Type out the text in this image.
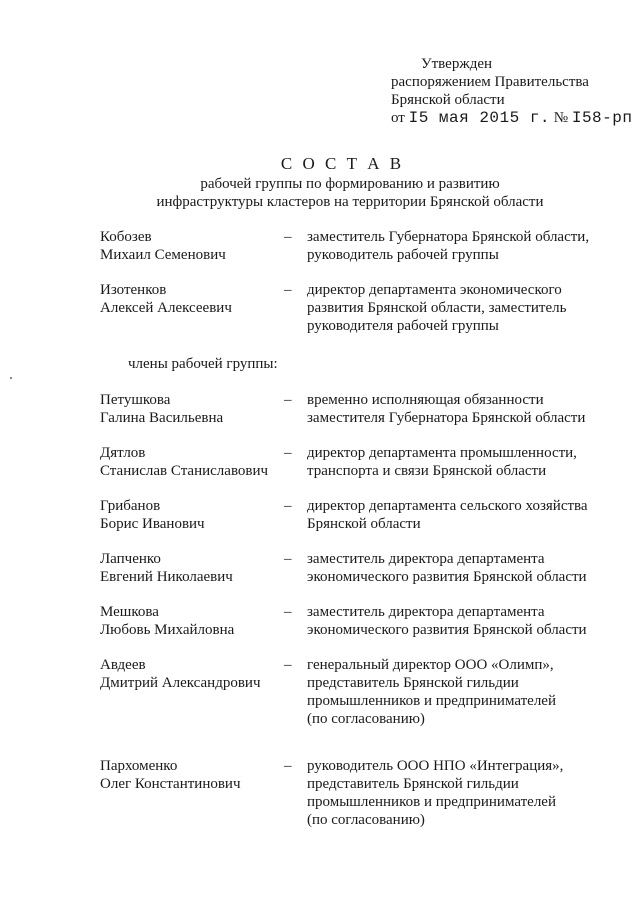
Утвержден
распоряжением Правительства
Брянской области
от I5 мая 2015 г. № I58-рп
С О С Т А В
рабочей группы по формированию и развитию
инфраструктуры кластеров на территории Брянской области
Кобозев
Михаил Семенович
–	заместитель Губернатора Брянской области,
руководитель рабочей группы
Изотенков
Алексей Алексеевич
–	директор департамента экономического
развития Брянской области, заместитель
руководителя рабочей группы
члены рабочей группы:
Петушкова
Галина Васильевна
–	временно исполняющая обязанности
заместителя Губернатора Брянской области
Дятлов
Станислав Станиславович
–	директор департамента промышленности,
транспорта и связи Брянской области
Грибанов
Борис Иванович
–	директор департамента сельского хозяйства
Брянской области
Лапченко
Евгений Николаевич
–	заместитель директора департамента
экономического развития Брянской области
Мешкова
Любовь Михайловна
–	заместитель директора департамента
экономического развития Брянской области
Авдеев
Дмитрий Александрович
–	генеральный директор ООО «Олимп»,
представитель Брянской гильдии
промышленников и предпринимателей
(по согласованию)
Пархоменко
Олег Константинович
–	руководитель ООО НПО «Интеграция»,
представитель Брянской гильдии
промышленников и предпринимателей
(по согласованию)
